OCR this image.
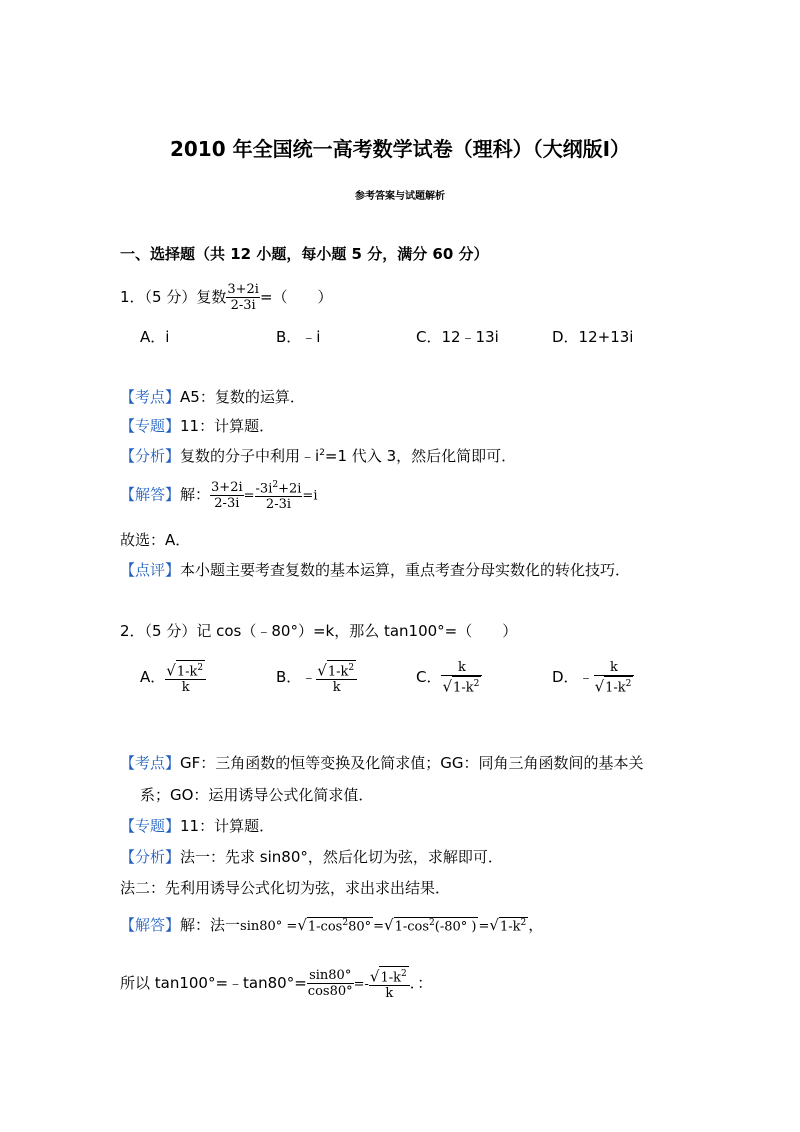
2010 年全国统一高考数学试卷（理科）（大纲版I）
参考答案与试题解析
一、选择题（共 12 小题，每小题 5 分，满分 60 分）
1．（5 分）复数 $\frac{3+2i}{2-3i}$ =（　　）
A．i	B．﹣i	C．12﹣13i	D．12+13i
【考点】A5：复数的运算．
【专题】11：计算题．
【分析】复数的分子中利用$﹣i^2=1$ 代入 3，然后化简即可．
【解答】解： $\frac{3+2i}{2-3i} = \frac{-3i^2+2i}{2-3i} =i$
故选：A．
【点评】本小题主要考查复数的基本运算，重点考查分母实数化的转化技巧．
2．（5 分）记 cos（﹣80°）=k，那么 tan100°=（　　）
A． $\frac{√1-k^2}{k}$	B．﹣ $\frac{√1-k^2}{k}$	C． $\frac{k}{√1-k^2}$	D．﹣ $\frac{k}{√1-k^2}$
【考点】GF：三角函数的恒等变换及化简求值；GG：同角三角函数间的基本关
系；GO：运用诱导公式化简求值．
【专题】11：计算题．
【分析】法一：先求 sin80°，然后化切为弦，求解即可．
法二：先利用诱导公式化切为弦，求出求出结果．
【解答】解：法一$\sin 80^\circ =√1-\cos^280^\circ =√1-\cos^2(-80^\circ$ ) $=√1-k^2$ ，
所以 tan100°=﹣tan80°= $\frac{\sin 80^\circ}{\cos 80^\circ} =- \frac{√1-k^2}{k}$ ．：
